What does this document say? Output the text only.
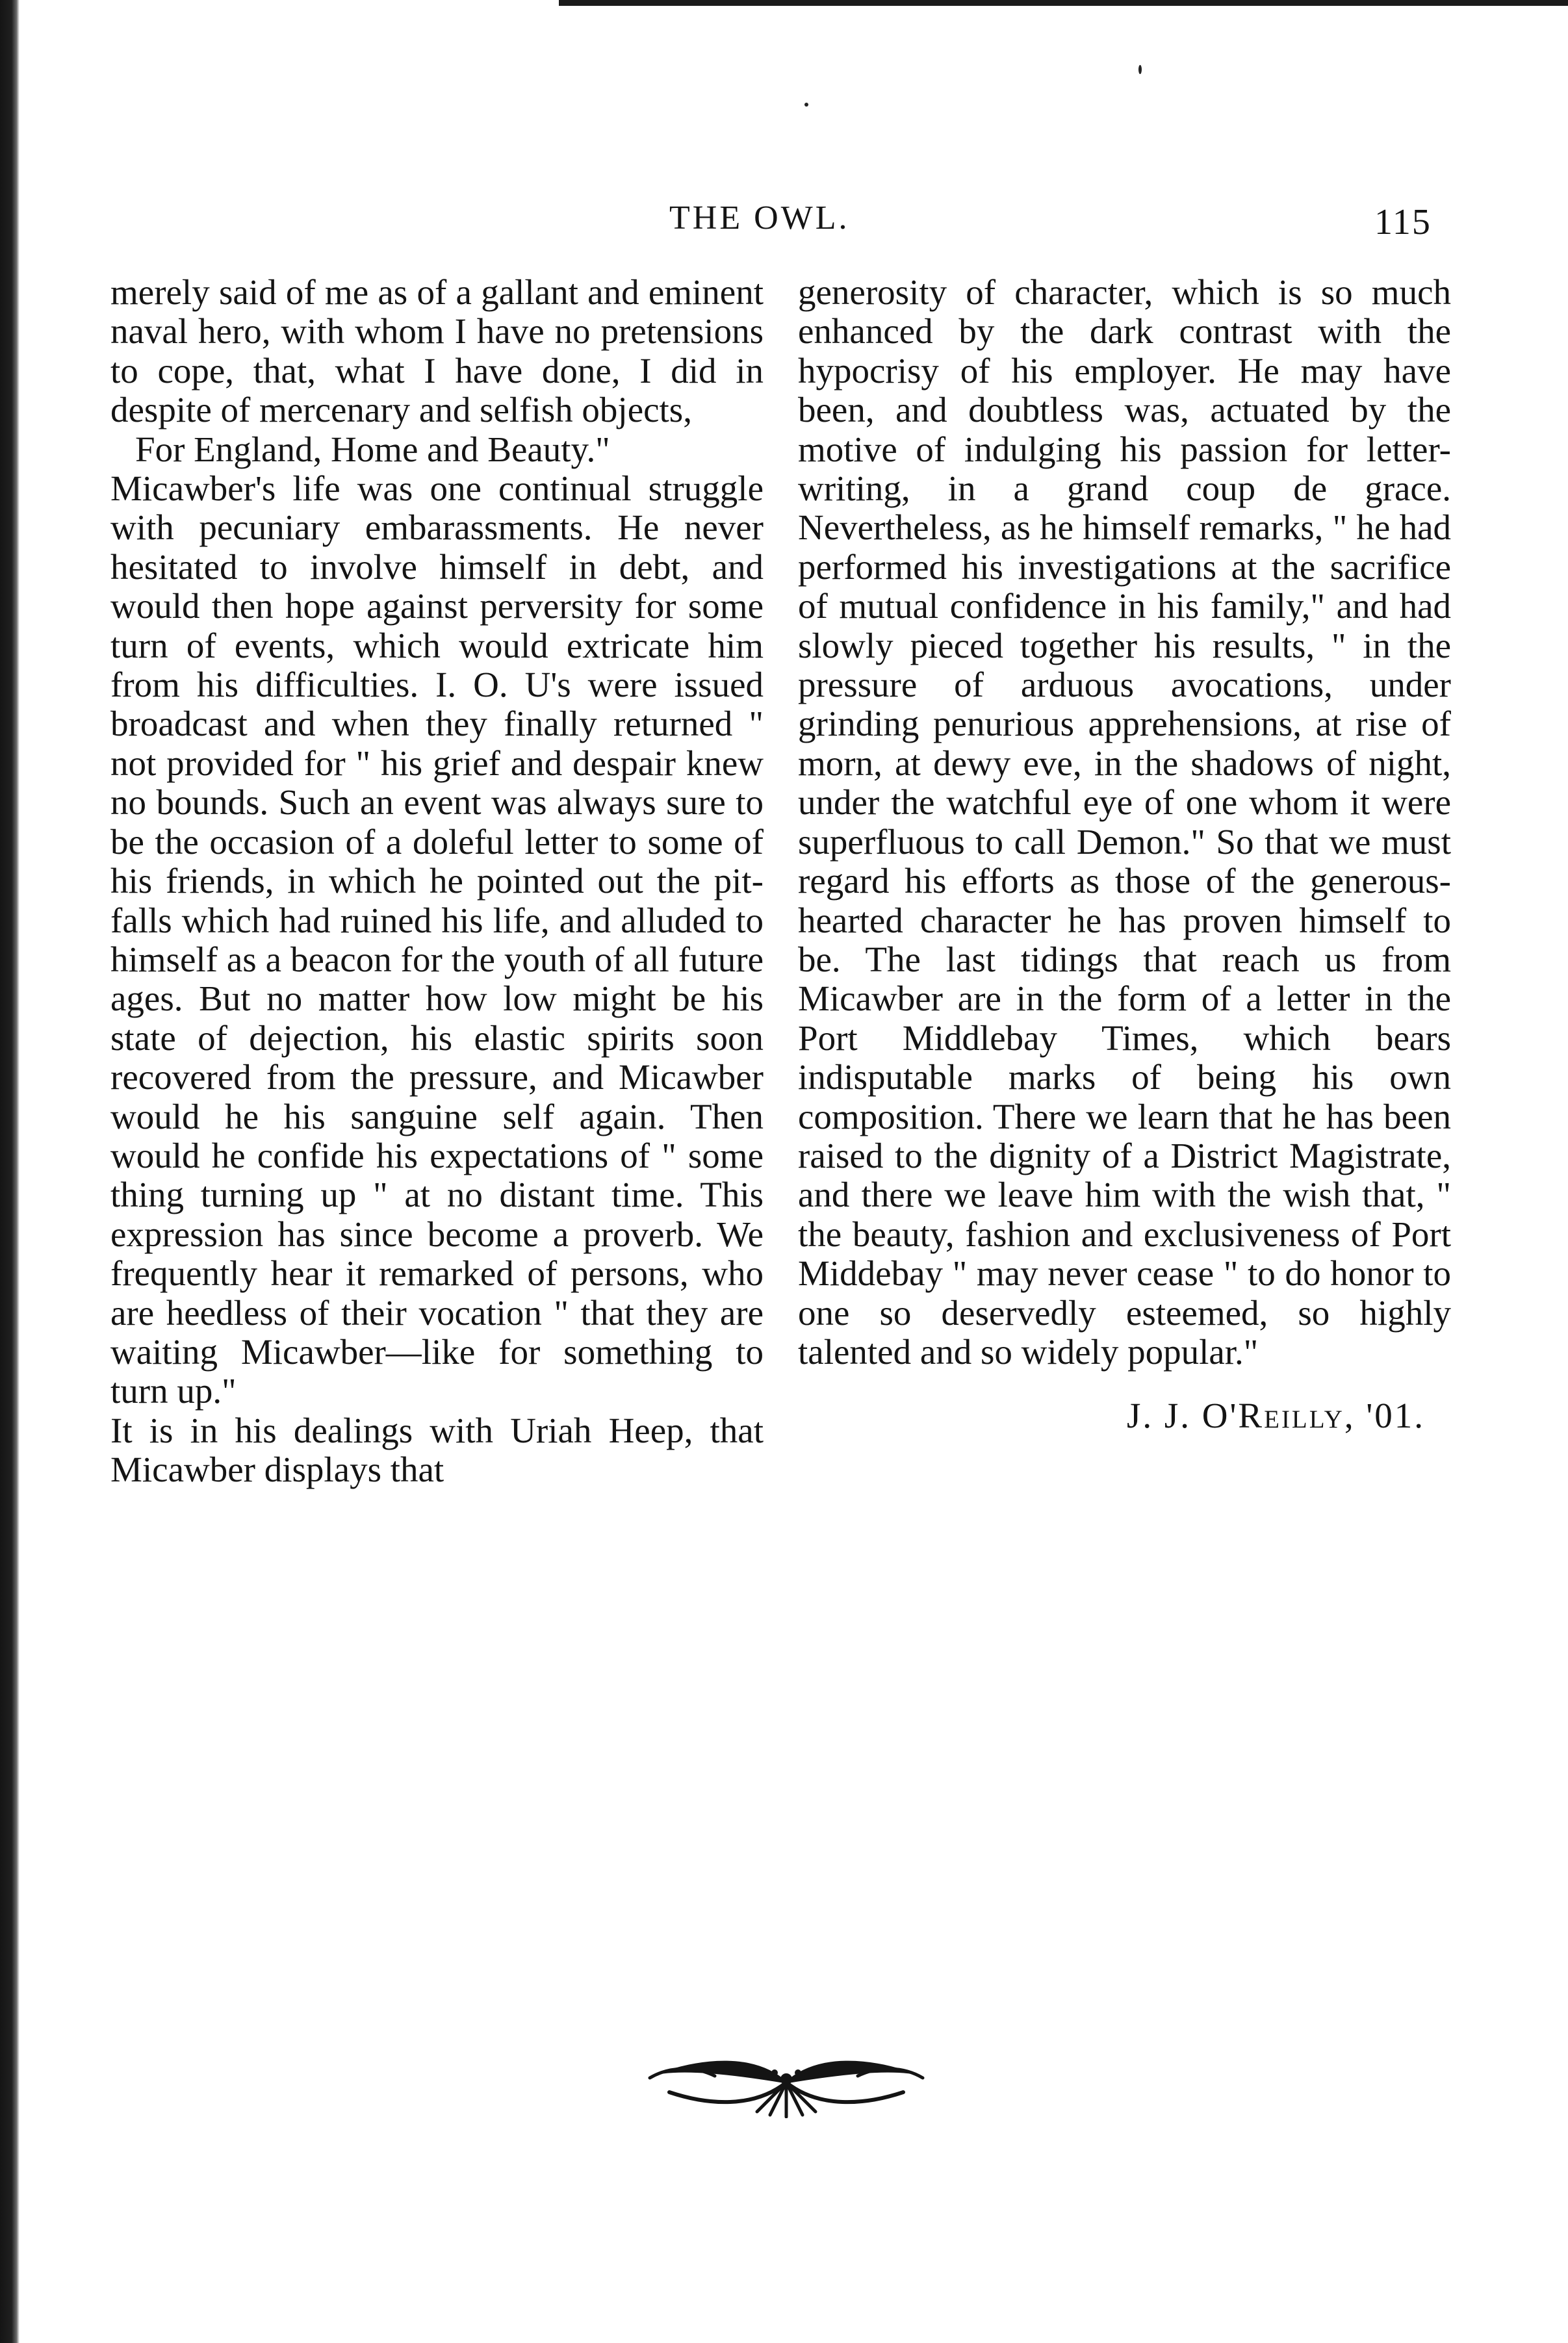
THE OWL.	115

merely said of me as of a gallant and eminent naval hero, with whom I have no pretensions to cope, that, what I have done, I did in despite of mercenary and selfish objects,

For England, Home and Beauty."

Micawber's life was one continual struggle with pecuniary embarassments. He never hesitated to involve himself in debt, and would then hope against perversity for some turn of events, which would extricate him from his difficulties. I. O. U's were issued broadcast and when they finally returned " not provided for " his grief and despair knew no bounds. Such an event was always sure to be the occasion of a doleful letter to some of his friends, in which he pointed out the pit-falls which had ruined his life, and alluded to himself as a beacon for the youth of all future ages. But no matter how low might be his state of dejection, his elastic spirits soon recovered from the pressure, and Micawber would he his sanguine self again. Then would he confide his expectations of " some thing turning up " at no distant time. This expression has since become a proverb. We frequently hear it remarked of persons, who are heedless of their vocation " that they are waiting Micawber—like for something to turn up."

It is in his dealings with Uriah Heep, that Micawber displays that

generosity of character, which is so much enhanced by the dark contrast with the hypocrisy of his employer. He may have been, and doubtless was, actuated by the motive of indulging his passion for letter-writing, in a grand coup de grace. Nevertheless, as he himself remarks, " he had performed his investigations at the sacrifice of mutual confidence in his family," and had slowly pieced together his results, " in the pressure of arduous avocations, under grinding penurious apprehensions, at rise of morn, at dewy eve, in the shadows of night, under the watchful eye of one whom it were superfluous to call Demon." So that we must regard his efforts as those of the generous-hearted character he has proven himself to be. The last tidings that reach us from Micawber are in the form of a letter in the Port Middlebay Times, which bears indisputable marks of being his own composition. There we learn that he has been raised to the dignity of a District Magistrate, and there we leave him with the wish that, " the beauty, fashion and exclusiveness of Port Middebay " may never cease " to do honor to one so deservedly esteemed, so highly talented and so widely popular."

J. J. O'Reilly, '01.
